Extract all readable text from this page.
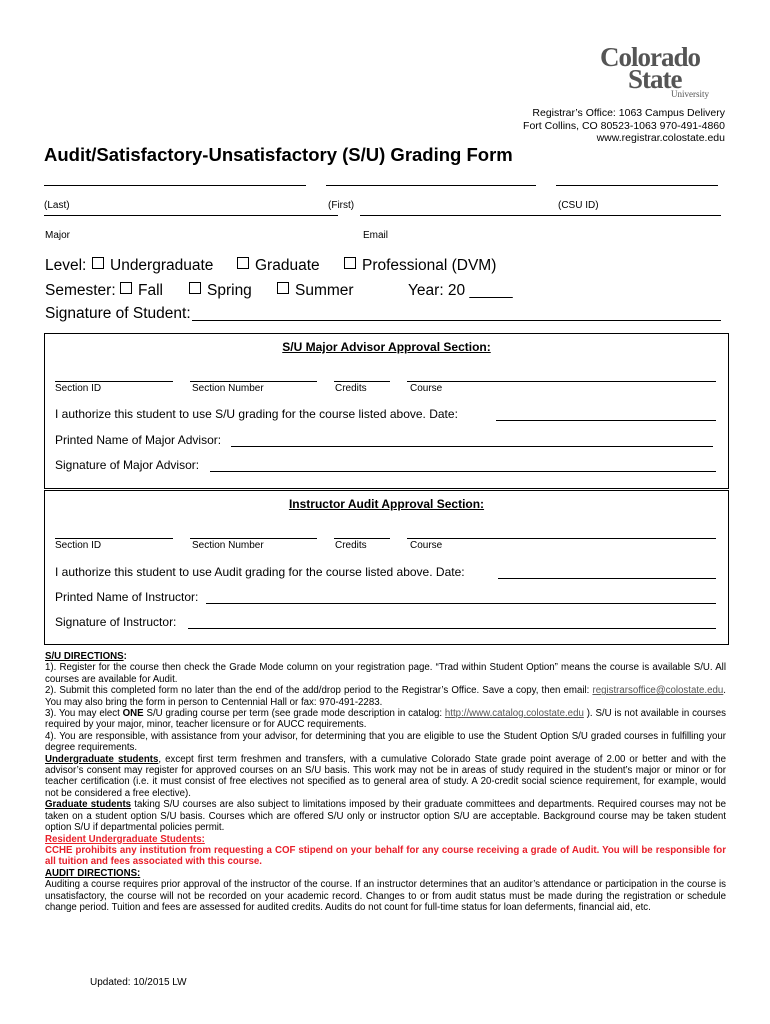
Colorado
State
University
Registrar’s Office: 1063 Campus Delivery
Fort Collins, CO 80523-1063 970-491-4860
www.registrar.colostate.edu
Audit/Satisfactory-Unsatisfactory (S/U) Grading Form
(Last)	(First)	(CSU ID)
Major	Email
Level:	Undergraduate	Graduate	Professional (DVM)
Semester:	Fall	Spring	Summer	Year: 20 _____
Signature of Student:
S/U Major Advisor Approval Section:
Section ID	Section Number	Credits	Course
I authorize this student to use S/U grading for the course listed above. Date:
Printed Name of Major Advisor:
Signature of Major Advisor:
Instructor Audit Approval Section:
Section ID	Section Number	Credits	Course
I authorize this student to use Audit grading for the course listed above. Date:
Printed Name of Instructor:
Signature of Instructor:

S/U DIRECTIONS:

1). Register for the course then check the Grade Mode column on your registration page. “Trad within Student Option” means the course is available S/U. All courses are available for Audit.

2). Submit this completed form no later than the end of the add/drop period to the Registrar’s Office. Save a copy, then email: registrarsoffice@colostate.edu. You may also bring the form in person to Centennial Hall or fax: 970-491-2283.

3). You may elect ONE S/U grading course per term (see grade mode description in catalog: http://www.catalog.colostate.edu ). S/U is not available in courses required by your major, minor, teacher licensure or for AUCC requirements.

4). You are responsible, with assistance from your advisor, for determining that you are eligible to use the Student Option S/U graded courses in fulfilling your degree requirements.

Undergraduate students, except first term freshmen and transfers, with a cumulative Colorado State grade point average of 2.00 or better and with the advisor’s consent may register for approved courses on an S/U basis. This work may not be in areas of study required in the student’s major or minor or for teacher certification (i.e. it must consist of free electives not specified as to general area of study. A 20-credit social science requirement, for example, would not be considered a free elective).

Graduate students taking S/U courses are also subject to limitations imposed by their graduate committees and departments. Required courses may not be taken on a student option S/U basis. Courses which are offered S/U only or instructor option S/U are acceptable. Background course may be taken student option S/U if departmental policies permit.

Resident Undergraduate Students:

CCHE prohibits any institution from requesting a COF stipend on your behalf for any course receiving a grade of Audit. You will be responsible for all tuition and fees associated with this course.

AUDIT DIRECTIONS:

Auditing a course requires prior approval of the instructor of the course. If an instructor determines that an auditor’s attendance or participation in the course is unsatisfactory, the course will not be recorded on your academic record. Changes to or from audit status must be made during the registration or schedule change period. Tuition and fees are assessed for audited credits. Audits do not count for full-time status for loan deferments, financial aid, etc.

Updated: 10/2015 LW
